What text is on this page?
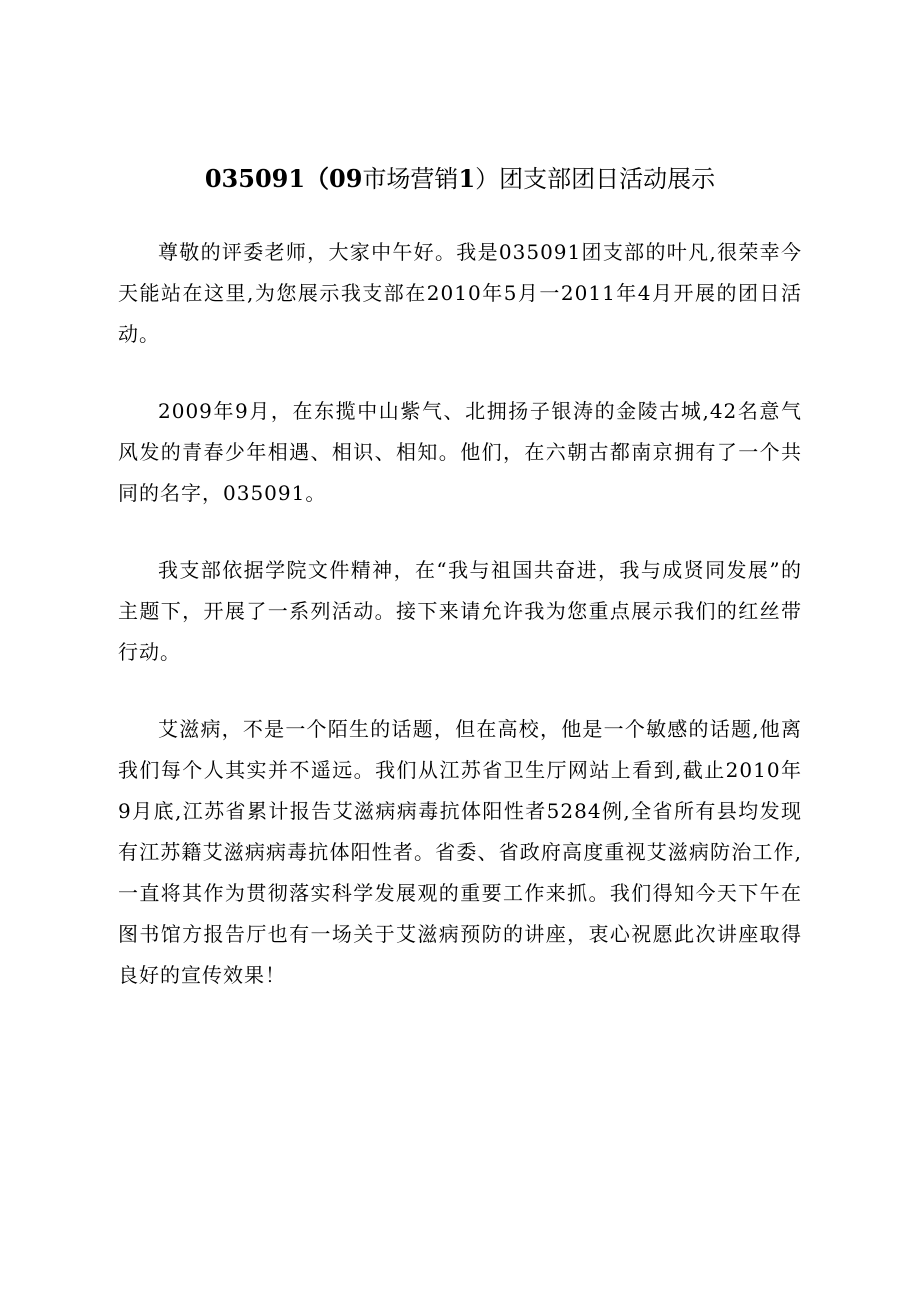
035091（09市场营销1）团支部团日活动展示

尊敬的评委老师，大家中午好。我是035091团支部的叶凡,很荣幸今天能站在这里,为您展示我支部在2010年5月一2011年4月开展的团日活动。

2009年9月，在东揽中山紫气、北拥扬子银涛的金陵古城,42名意气风发的青春少年相遇、相识、相知。他们，在六朝古都南京拥有了一个共同的名字，035091。

我支部依据学院文件精神，在“我与祖国共奋进，我与成贤同发展”的主题下，开展了一系列活动。接下来请允许我为您重点展示我们的红丝带行动。

艾滋病，不是一个陌生的话题，但在高校，他是一个敏感的话题,他离我们每个人其实并不遥远。我们从江苏省卫生厅网站上看到,截止2010年9月底,江苏省累计报告艾滋病病毒抗体阳性者5284例,全省所有县均发现有江苏籍艾滋病病毒抗体阳性者。省委、省政府高度重视艾滋病防治工作,一直将其作为贯彻落实科学发展观的重要工作来抓。我们得知今天下午在图书馆方报告厅也有一场关于艾滋病预防的讲座，衷心祝愿此次讲座取得良好的宣传效果！
